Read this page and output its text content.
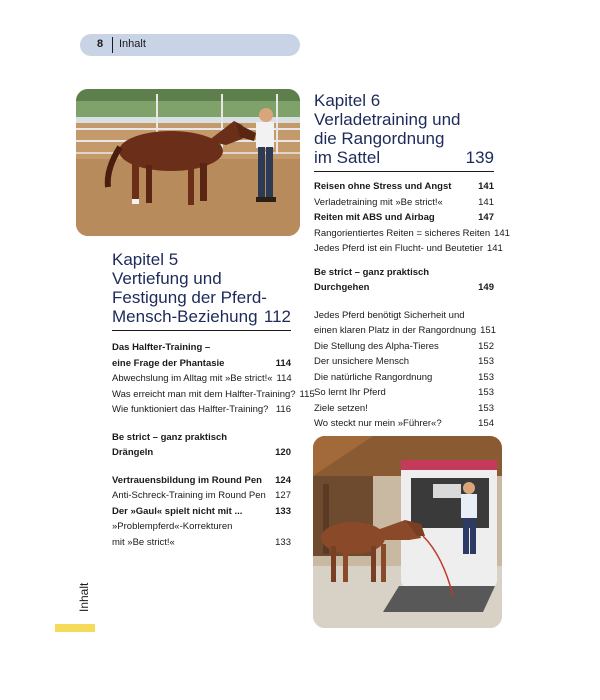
8 Inhalt
Kapitel 5
Vertiefung und
Festigung der Pferd-
Mensch-Beziehung 112
Das Halfter-Training –
eine Frage der Phantasie	114
Abwechslung im Alltag mit »Be strict!« 114
Was erreicht man mit dem Halfter-Training? 115
Wie funktioniert das Halfter-Training? 116
Be strict – ganz praktisch
Drängeln	120
Vertrauensbildung im Round Pen 124
Anti-Schreck-Training im Round Pen 127
Der »Gaul« spielt nicht mit ...	133
»Problempferd«-Korrekturen
mit »Be strict!«	133
Kapitel 6
Verladetraining und
die Rangordnung
im Sattel	139
Reisen ohne Stress und Angst	141
Verladetraining mit »Be strict!«	141
Reiten mit ABS und Airbag	147
Rangorientiertes Reiten = sicheres Reiten 141
Jedes Pferd ist ein Flucht- und Beutetier 141
Be strict – ganz praktisch
Durchgehen	149
Jedes Pferd benötigt Sicherheit und
einen klaren Platz in der Rangordnung 151
Die Stellung des Alpha-Tieres	152
Der unsichere Mensch	153
Die natürliche Rangordnung	153
So lernt Ihr Pferd	153
Ziele setzen!	153
Wo steckt nur mein »Führer«?	154
Inhalt
